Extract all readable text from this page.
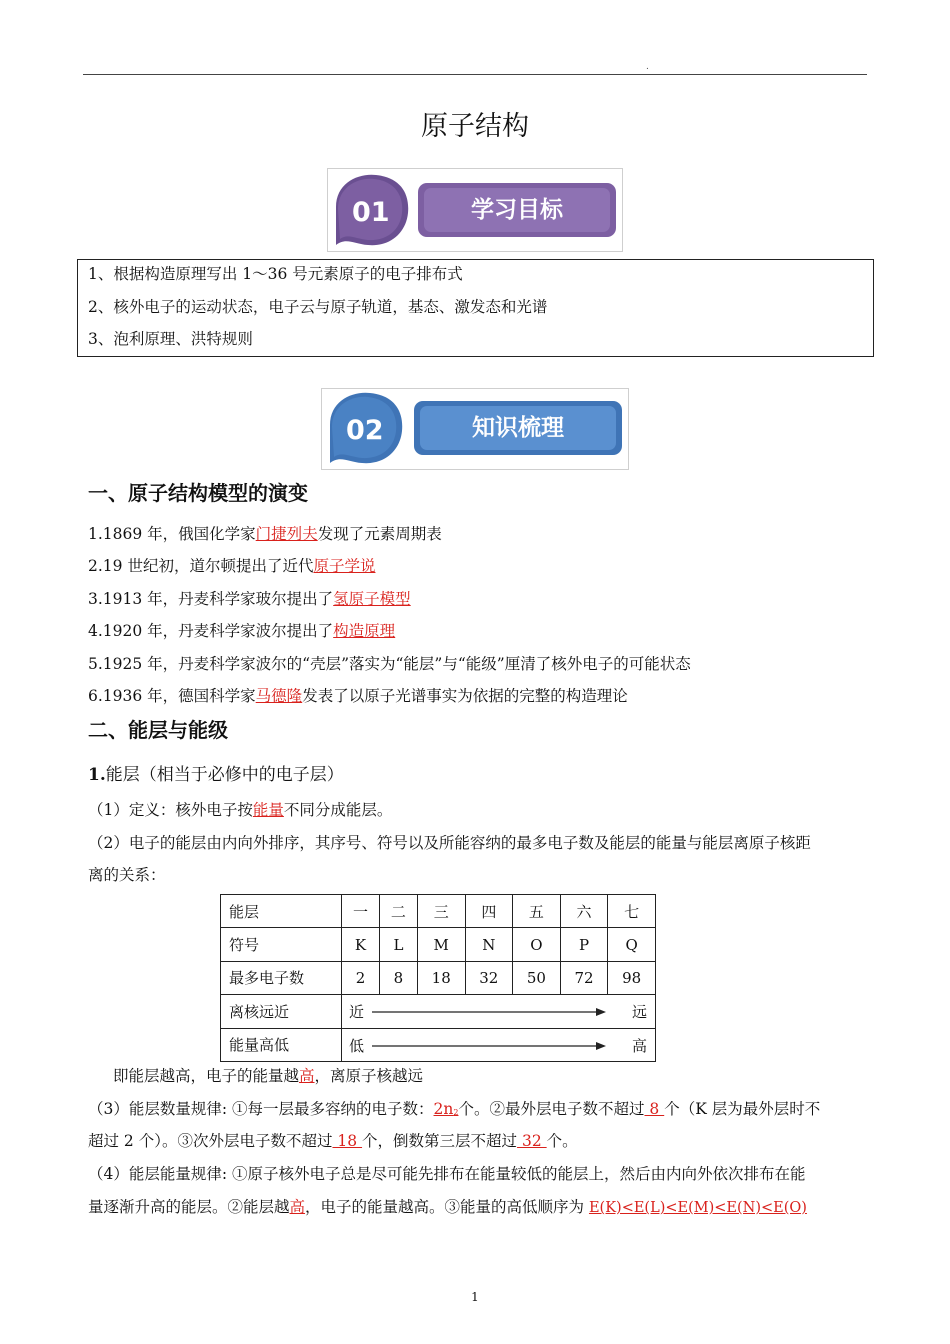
.
原子结构
01	学习目标
1、根据构造原理写出 1～36 号元素原子的电子排布式
2、核外电子的运动状态，电子云与原子轨道，基态、激发态和光谱
3、泡利原理、洪特规则
02	知识梳理
一、原子结构模型的演变
1.1869 年，俄国化学家门捷列夫发现了元素周期表
2.19 世纪初，道尔顿提出了近代原子学说
3.1913 年，丹麦科学家玻尔提出了氢原子模型
4.1920 年，丹麦科学家波尔提出了构造原理
5.1925 年，丹麦科学家波尔的“壳层”落实为“能层”与“能级”厘清了核外电子的可能状态
6.1936 年，德国科学家马德隆发表了以原子光谱事实为依据的完整的构造理论
二、能层与能级
1.能层（相当于必修中的电子层）
（1）定义：核外电子按能量不同分成能层。
（2）电子的能层由内向外排序，其序号、符号以及所能容纳的最多电子数及能层的能量与能层离原子核距
离的关系：
能层	一	二	三	四	五	六	七
符号	K	L	M	N	O	P	Q
最多电子数	2	8	18	32	50	72	98
离核远近	近 远						

能量高低	低 高						
即能层越高，电子的能量越高，离原子核越远
（3）能层数量规律: ①每一层最多容纳的电子数：$2n^2$个。②最外层电子数不超过 8 个（K 层为最外层时不
超过 2 个）。③次外层电子数不超过 18 个，倒数第三层不超过 32 个。
（4）能层能量规律: ①原子核外电子总是尽可能先排布在能量较低的能层上，然后由内向外依次排布在能
量逐渐升高的能层。②能层越高，电子的能量越高。③能量的高低顺序为 E(K)<E(L)<E(M)<E(N)<E(O)
1
